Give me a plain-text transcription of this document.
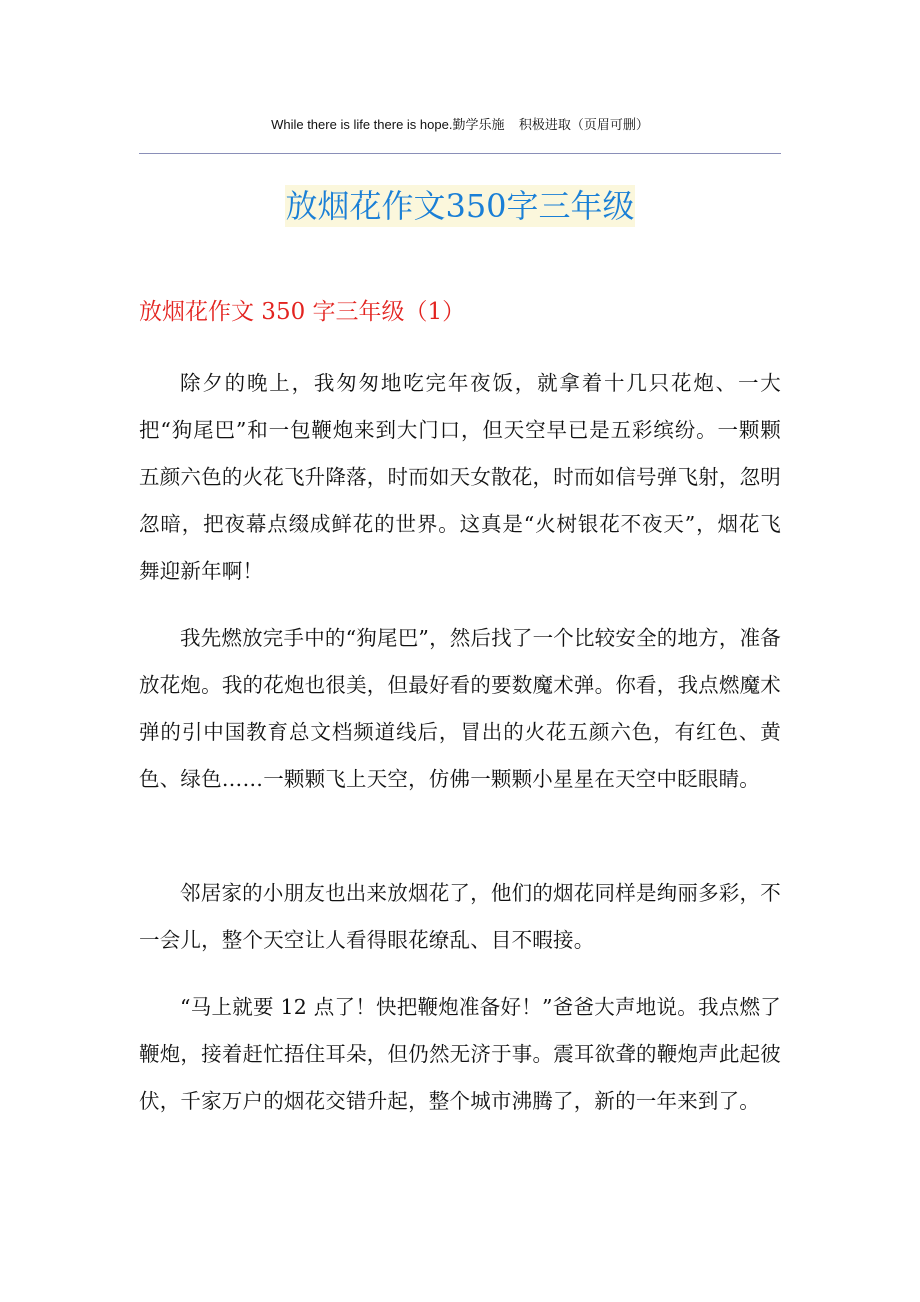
While there is life there is hope.勤学乐施    积极进取（页眉可删）
放烟花作文350字三年级
放烟花作文 350 字三年级（1）

除夕的晚上，我匆匆地吃完年夜饭，就拿着十几只花炮、一大把“狗尾巴”和一包鞭炮来到大门口，但天空早已是五彩缤纷。一颗颗五颜六色的火花飞升降落，时而如天女散花，时而如信号弹飞射，忽明忽暗，把夜幕点缀成鲜花的世界。这真是“火树银花不夜天”，烟花飞舞迎新年啊！

我先燃放完手中的“狗尾巴”，然后找了一个比较安全的地方，准备放花炮。我的花炮也很美，但最好看的要数魔术弹。你看，我点燃魔术弹的引中国教育总文档频道线后，冒出的火花五颜六色，有红色、黄色、绿色……一颗颗飞上天空，仿佛一颗颗小星星在天空中眨眼睛。

邻居家的小朋友也出来放烟花了，他们的烟花同样是绚丽多彩，不一会儿，整个天空让人看得眼花缭乱、目不暇接。

“马上就要 12 点了！快把鞭炮准备好！”爸爸大声地说。我点燃了鞭炮，接着赶忙捂住耳朵，但仍然无济于事。震耳欲聋的鞭炮声此起彼伏，千家万户的烟花交错升起，整个城市沸腾了，新的一年来到了。
